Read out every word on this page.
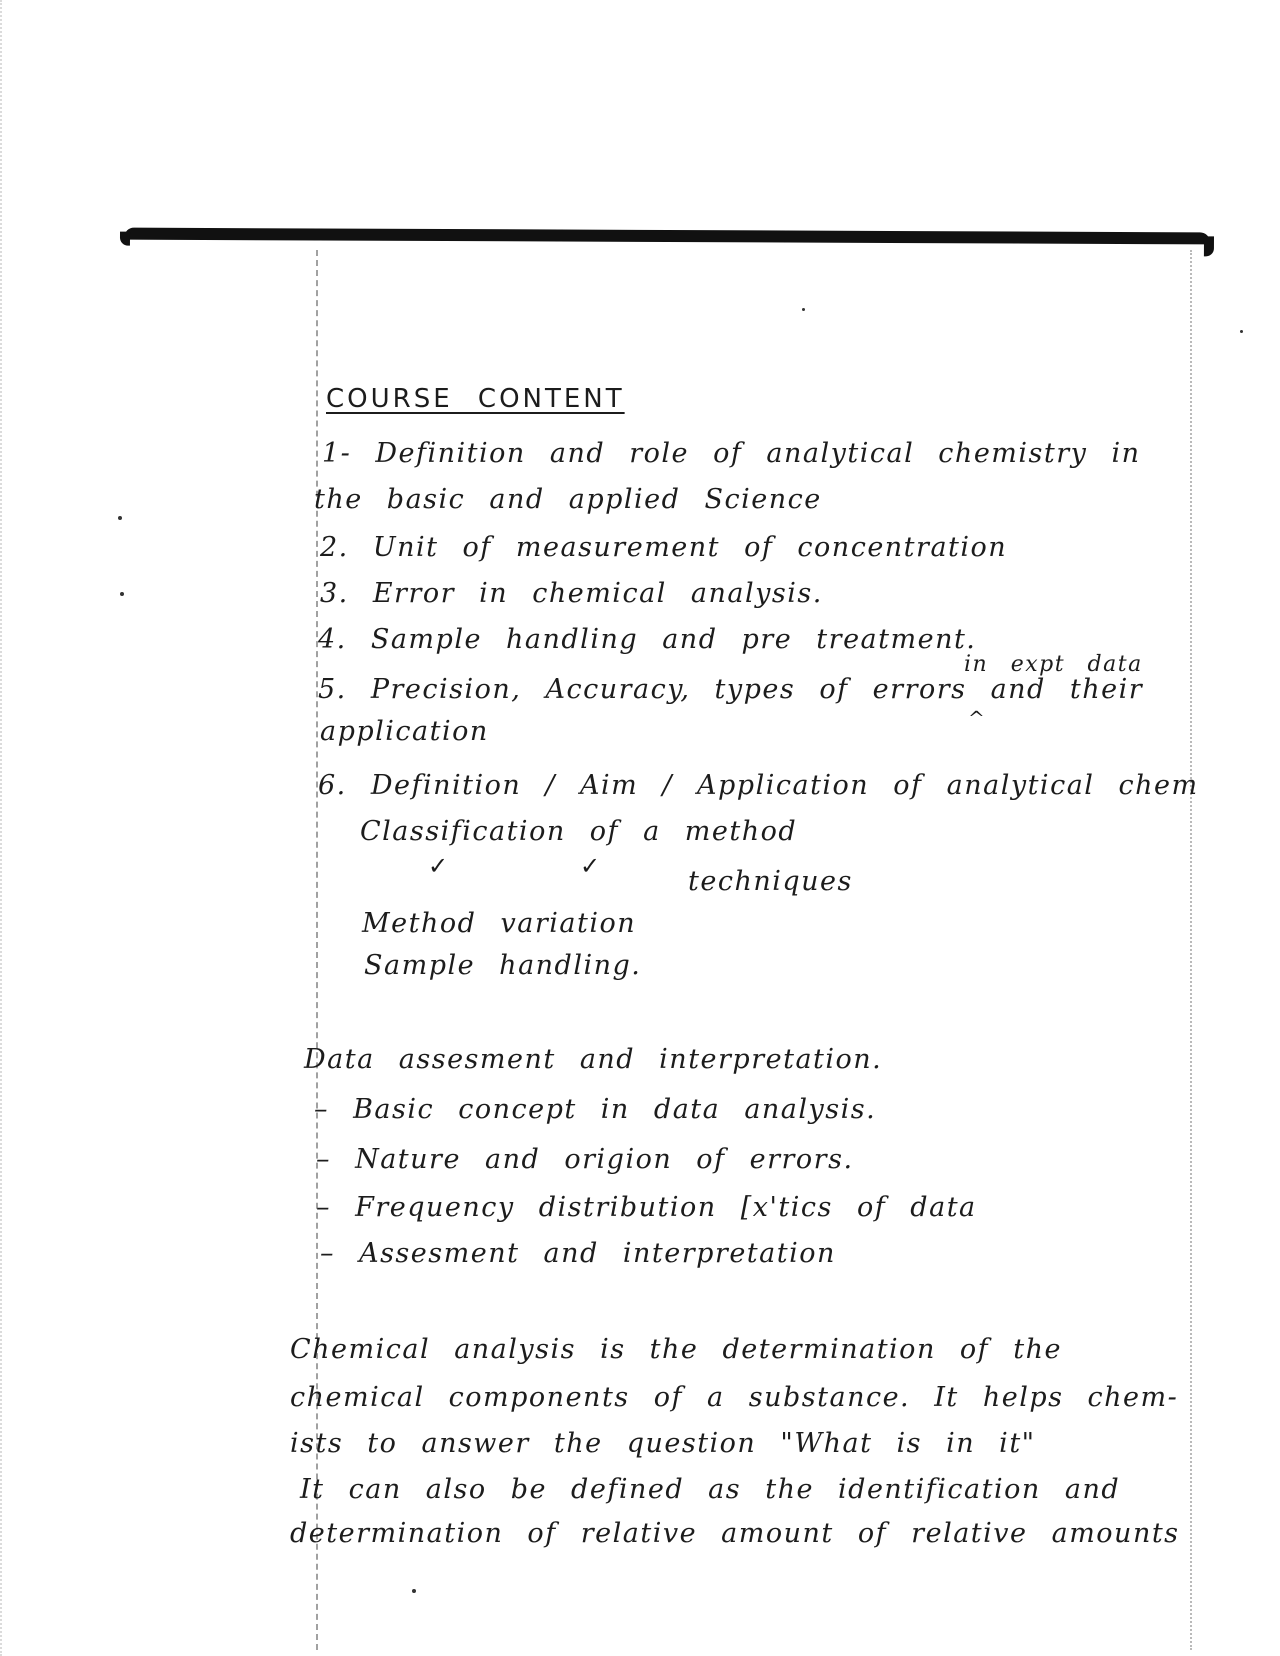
COURSE CONTENT
1- Definition and role of analytical chemistry in
the basic and applied Science
2. Unit of measurement of concentration
3. Error in chemical analysis.
4. Sample handling and pre treatment.
in expt data
5. Precision, Accuracy, types of errors and their
^
application
6. Definition / Aim / Application of analytical chem
Classification of a method
✓	✓	techniques
Method variation
Sample handling.
Data assesment and interpretation.
– Basic concept in data analysis.
– Nature and origion of errors.
– Frequency distribution [x'tics of data
– Assesment and interpretation
Chemical analysis is the determination of the
chemical components of a substance. It helps chem-
ists to answer the question "What is in it"
It can also be defined as the identification and
determination of relative amount of relative amounts
